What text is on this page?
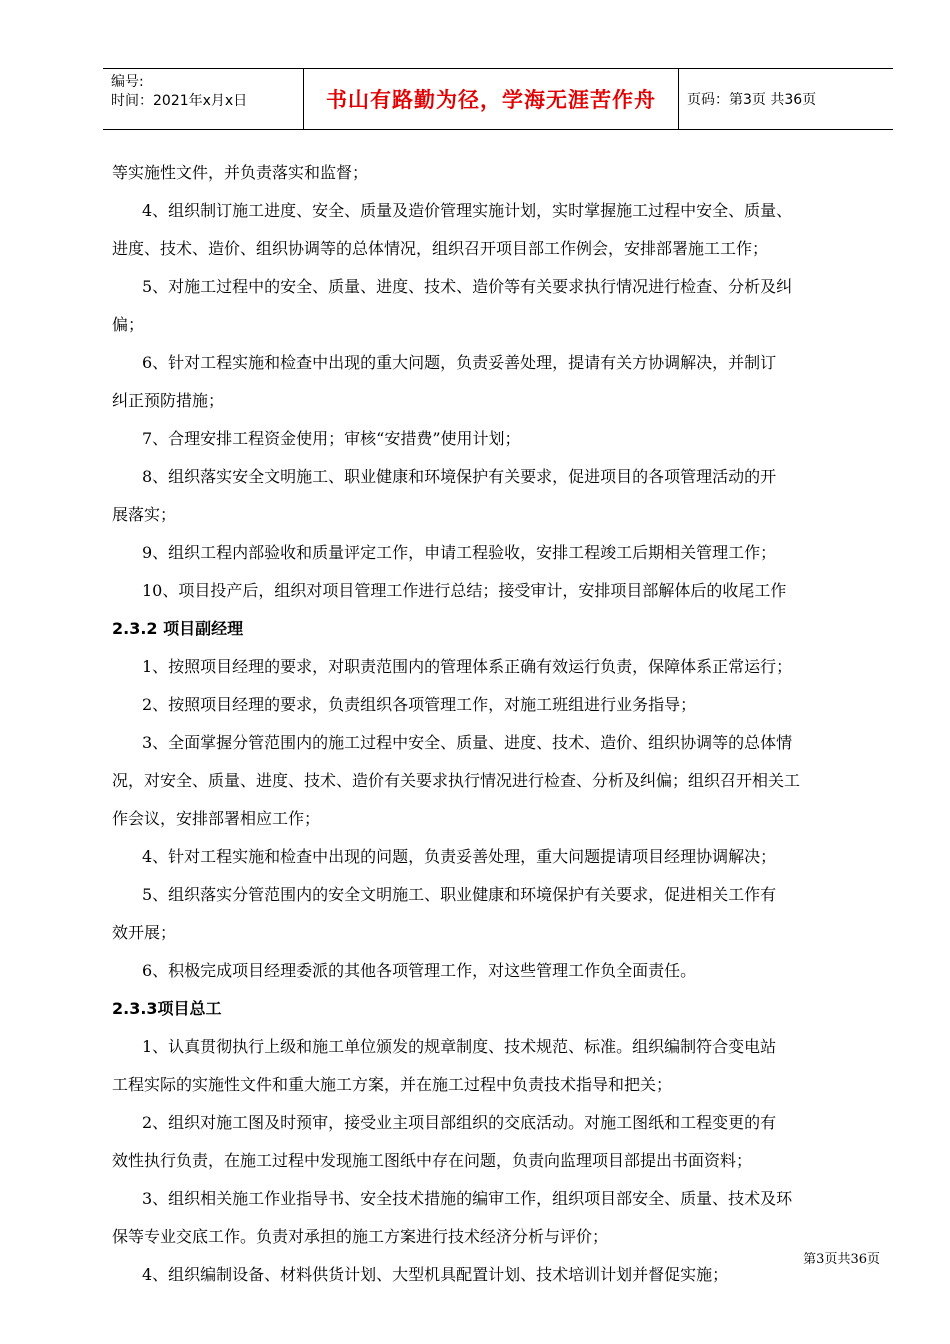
编号:
时间：2021年x月x日	书山有路勤为径，学海无涯苦作舟	页码：第3页 共36页
等实施性文件，并负责落实和监督；
4、组织制订施工进度、安全、质量及造价管理实施计划，实时掌握施工过程中安全、质量、
进度、技术、造价、组织协调等的总体情况，组织召开项目部工作例会，安排部署施工工作；
5、对施工过程中的安全、质量、进度、技术、造价等有关要求执行情况进行检查、分析及纠
偏；
6、针对工程实施和检查中出现的重大问题，负责妥善处理，提请有关方协调解决，并制订
纠正预防措施；
7、合理安排工程资金使用；审核“安措费”使用计划；
8、组织落实安全文明施工、职业健康和环境保护有关要求，促进项目的各项管理活动的开
展落实；
9、组织工程内部验收和质量评定工作，申请工程验收，安排工程竣工后期相关管理工作；
10、项目投产后，组织对项目管理工作进行总结；接受审计，安排项目部解体后的收尾工作
2.3.2 项目副经理
1、按照项目经理的要求，对职责范围内的管理体系正确有效运行负责，保障体系正常运行；
2、按照项目经理的要求，负责组织各项管理工作，对施工班组进行业务指导；
3、全面掌握分管范围内的施工过程中安全、质量、进度、技术、造价、组织协调等的总体情
况，对安全、质量、进度、技术、造价有关要求执行情况进行检查、分析及纠偏；组织召开相关工
作会议，安排部署相应工作；
4、针对工程实施和检查中出现的问题，负责妥善处理，重大问题提请项目经理协调解决；
5、组织落实分管范围内的安全文明施工、职业健康和环境保护有关要求，促进相关工作有
效开展；
6、积极完成项目经理委派的其他各项管理工作，对这些管理工作负全面责任。
2.3.3项目总工
1、认真贯彻执行上级和施工单位颁发的规章制度、技术规范、标准。组织编制符合变电站
工程实际的实施性文件和重大施工方案，并在施工过程中负责技术指导和把关；
2、组织对施工图及时预审，接受业主项目部组织的交底活动。对施工图纸和工程变更的有
效性执行负责，在施工过程中发现施工图纸中存在问题，负责向监理项目部提出书面资料；
3、组织相关施工作业指导书、安全技术措施的编审工作，组织项目部安全、质量、技术及环
保等专业交底工作。负责对承担的施工方案进行技术经济分析与评价；
4、组织编制设备、材料供货计划、大型机具配置计划、技术培训计划并督促实施；
第3页共36页
